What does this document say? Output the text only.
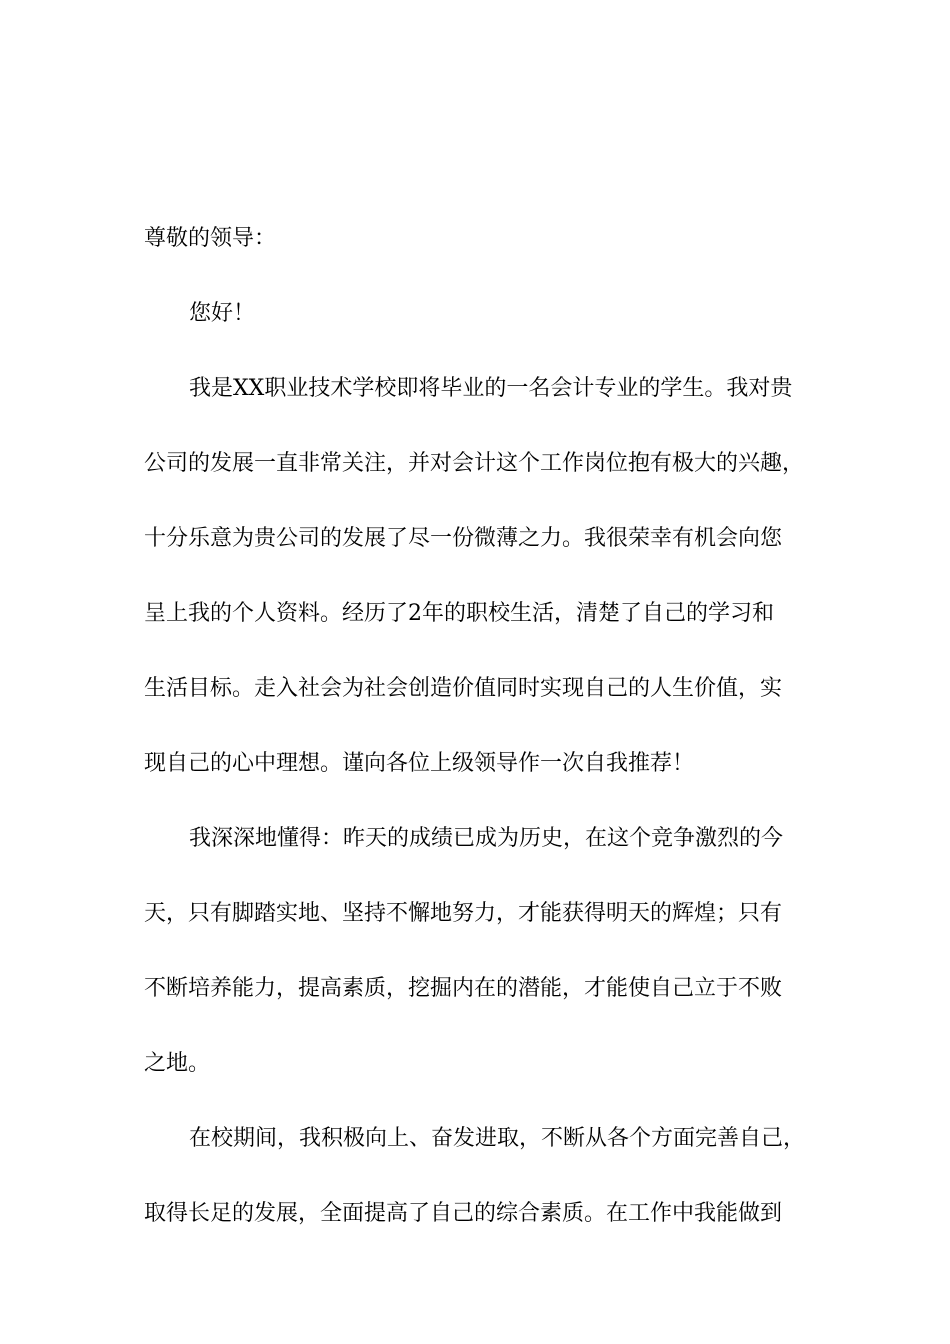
尊敬的领导：
您好！
我是XX职业技术学校即将毕业的一名会计专业的学生。我对贵
公司的发展一直非常关注，并对会计这个工作岗位抱有极大的兴趣，
十分乐意为贵公司的发展了尽一份微薄之力。我很荣幸有机会向您
呈上我的个人资料。经历了2年的职校生活，清楚了自己的学习和
生活目标。走入社会为社会创造价值同时实现自己的人生价值，实
现自己的心中理想。谨向各位上级领导作一次自我推荐！
我深深地懂得：昨天的成绩已成为历史，在这个竞争激烈的今
天，只有脚踏实地、坚持不懈地努力，才能获得明天的辉煌；只有
不断培养能力，提高素质，挖掘内在的潜能，才能使自己立于不败
之地。
在校期间，我积极向上、奋发进取，不断从各个方面完善自己，
取得长足的发展，全面提高了自己的综合素质。在工作中我能做到
